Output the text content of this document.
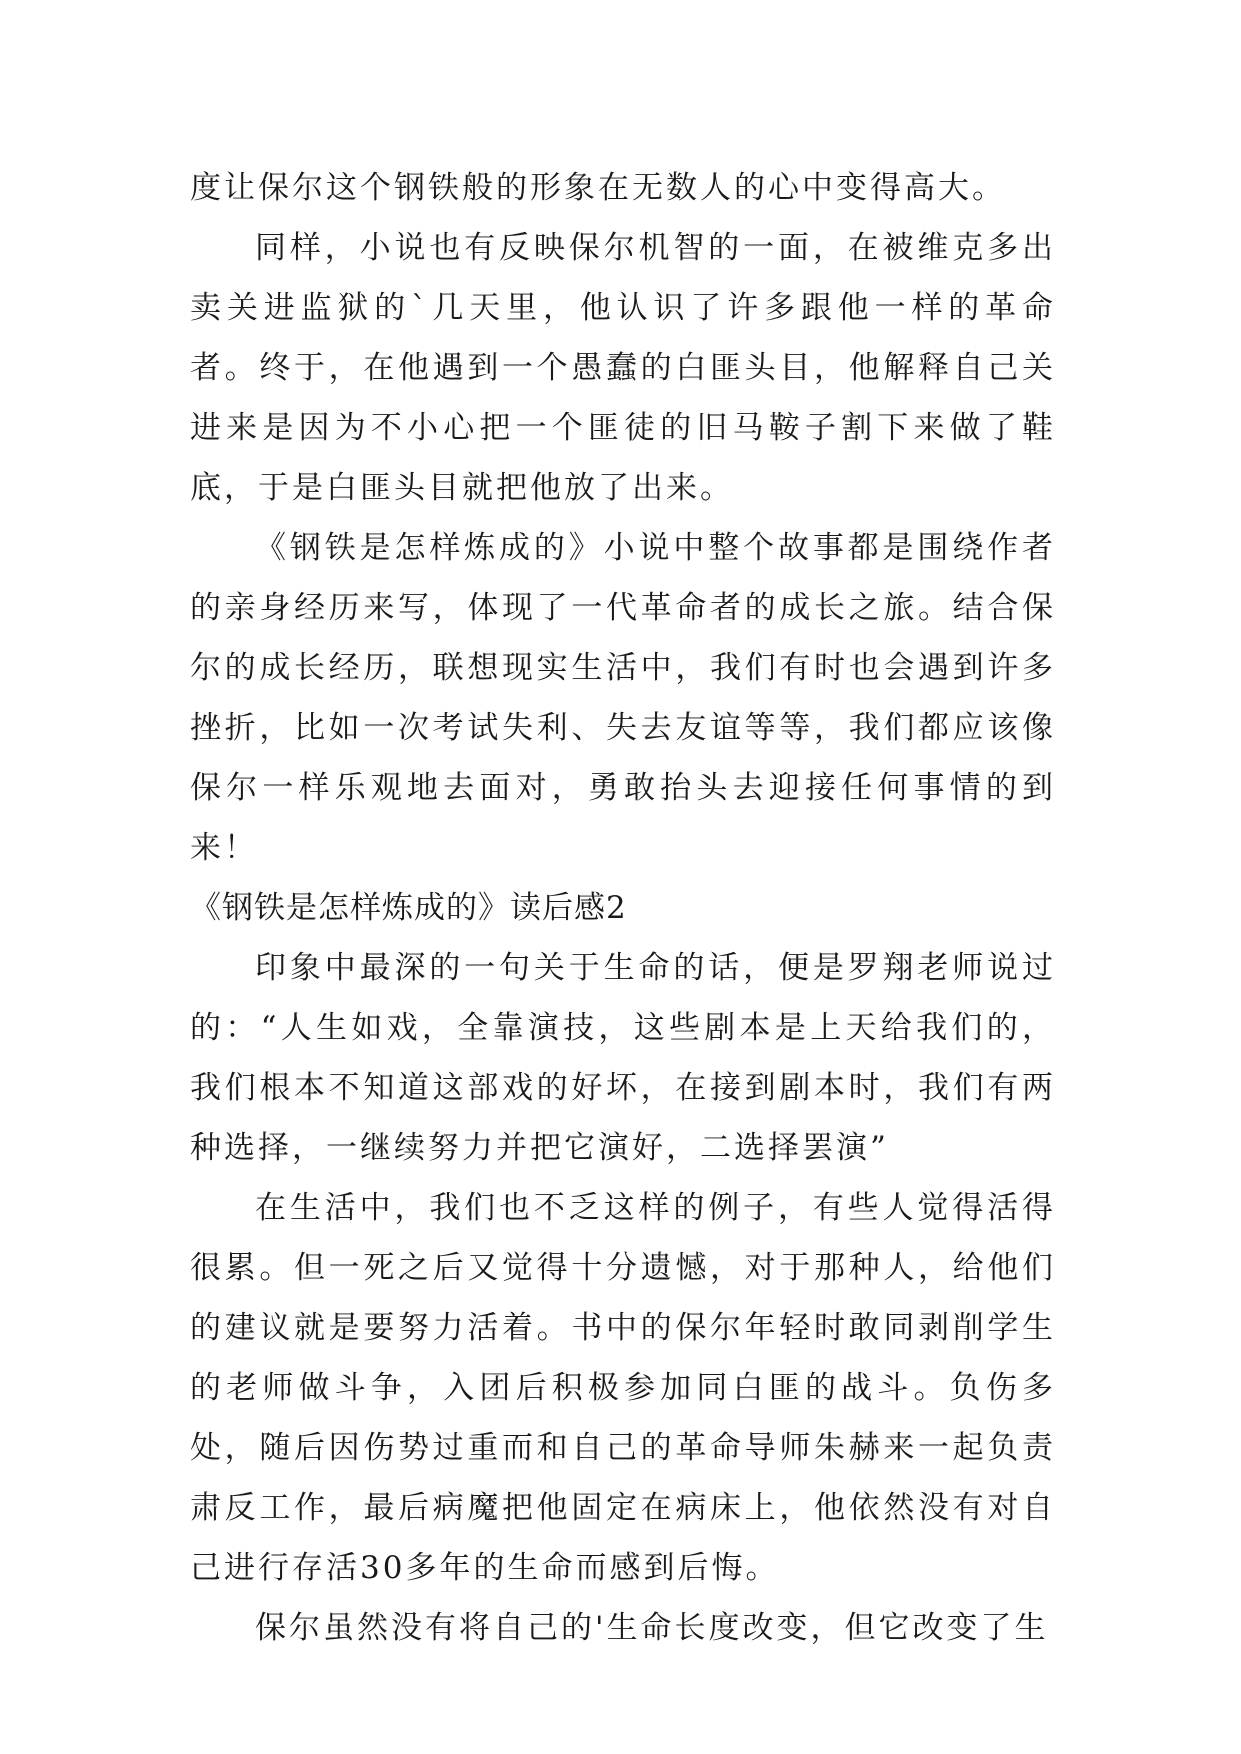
度让保尔这个钢铁般的形象在无数人的心中变得高大。

同样，小说也有反映保尔机智的一面，在被维克多出卖关进监狱的`几天里，他认识了许多跟他一样的革命者。终于，在他遇到一个愚蠢的白匪头目，他解释自己关进来是因为不小心把一个匪徒的旧马鞍子割下来做了鞋底，于是白匪头目就把他放了出来。

《钢铁是怎样炼成的》小说中整个故事都是围绕作者的亲身经历来写，体现了一代革命者的成长之旅。结合保尔的成长经历，联想现实生活中，我们有时也会遇到许多挫折，比如一次考试失利、失去友谊等等，我们都应该像保尔一样乐观地去面对，勇敢抬头去迎接任何事情的到来！

《钢铁是怎样炼成的》读后感2

印象中最深的一句关于生命的话，便是罗翔老师说过的：“人生如戏，全靠演技，这些剧本是上天给我们的，我们根本不知道这部戏的好坏，在接到剧本时，我们有两种选择，一继续努力并把它演好，二选择罢演”

在生活中，我们也不乏这样的例子，有些人觉得活得很累。但一死之后又觉得十分遗憾，对于那种人，给他们的建议就是要努力活着。书中的保尔年轻时敢同剥削学生的老师做斗争，入团后积极参加同白匪的战斗。负伤多处，随后因伤势过重而和自己的革命导师朱赫来一起负责肃反工作，最后病魔把他固定在病床上，他依然没有对自己进行存活30多年的生命而感到后悔。

保尔虽然没有将自己的'生命长度改变，但它改变了生
